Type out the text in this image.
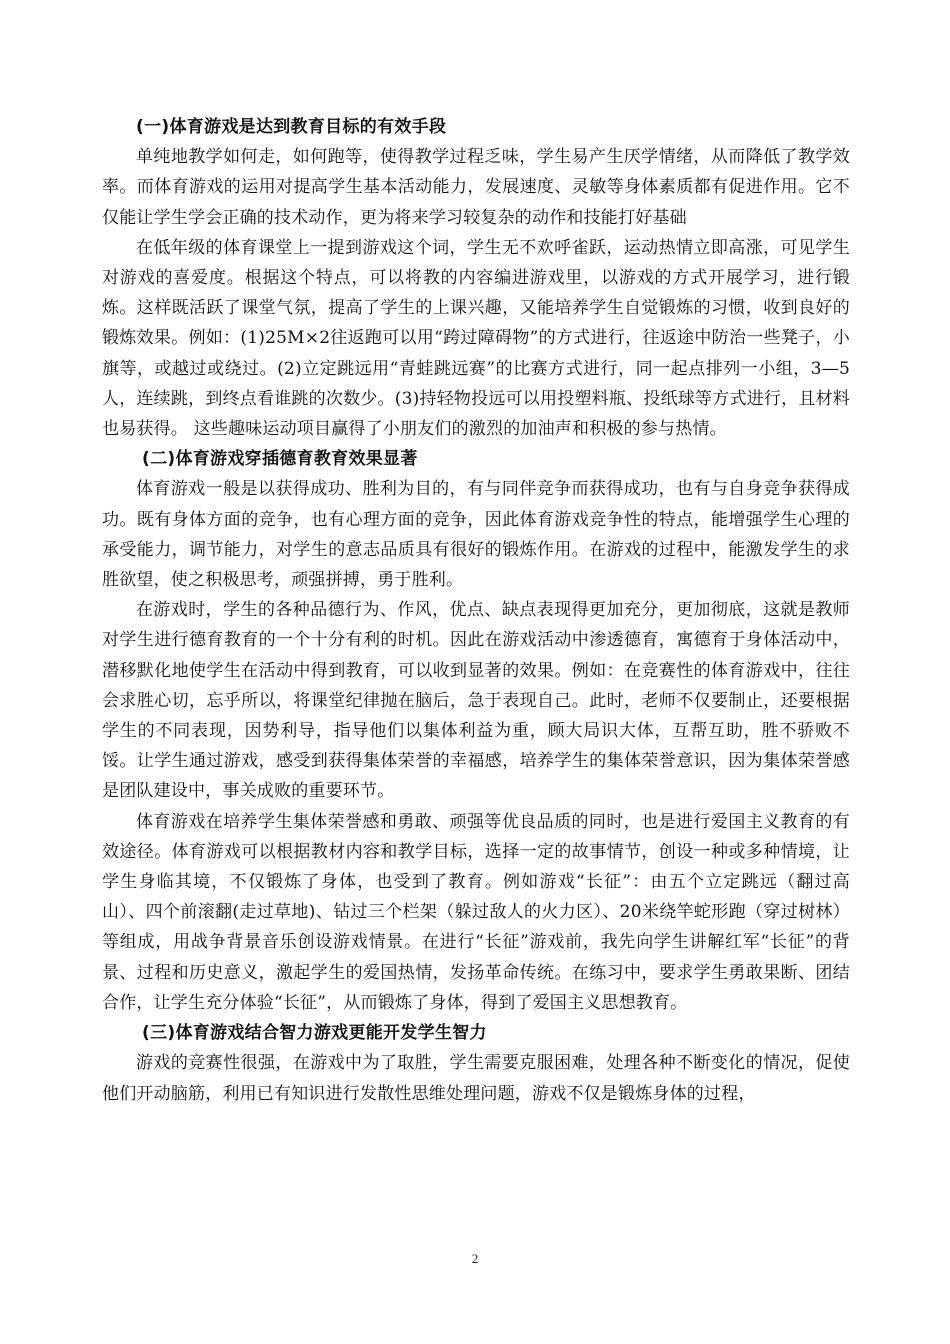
(一)体育游戏是达到教育目标的有效手段

单纯地教学如何走，如何跑等，使得教学过程乏味，学生易产生厌学情绪，从而降低了教学效率。而体育游戏的运用对提高学生基本活动能力，发展速度、灵敏等身体素质都有促进作用。它不仅能让学生学会正确的技术动作，更为将来学习较复杂的动作和技能打好基础

在低年级的体育课堂上一提到游戏这个词，学生无不欢呼雀跃，运动热情立即高涨，可见学生对游戏的喜爱度。根据这个特点，可以将教的内容编进游戏里，以游戏的方式开展学习，进行锻炼。这样既活跃了课堂气氛，提高了学生的上课兴趣，又能培养学生自觉锻炼的习惯，收到良好的锻炼效果。例如：(1)25M×2往返跑可以用“跨过障碍物”的方式进行，往返途中防治一些凳子，小旗等，或越过或绕过。(2)立定跳远用“青蛙跳远赛”的比赛方式进行，同一起点排列一小组，3—5人，连续跳，到终点看谁跳的次数少。(3)持轻物投远可以用投塑料瓶、投纸球等方式进行，且材料也易获得。 这些趣味运动项目赢得了小朋友们的激烈的加油声和积极的参与热情。

(二)体育游戏穿插德育教育效果显著

体育游戏一般是以获得成功、胜利为目的，有与同伴竞争而获得成功，也有与自身竞争获得成功。既有身体方面的竞争，也有心理方面的竞争，因此体育游戏竞争性的特点，能增强学生心理的承受能力，调节能力，对学生的意志品质具有很好的锻炼作用。在游戏的过程中，能激发学生的求胜欲望，使之积极思考，顽强拼搏，勇于胜利。

在游戏时，学生的各种品德行为、作风，优点、缺点表现得更加充分，更加彻底，这就是教师对学生进行德育教育的一个十分有利的时机。因此在游戏活动中渗透德育，寓德育于身体活动中，潜移默化地使学生在活动中得到教育，可以收到显著的效果。例如：在竞赛性的体育游戏中，往往会求胜心切，忘乎所以，将课堂纪律抛在脑后，急于表现自己。此时，老师不仅要制止，还要根据学生的不同表现，因势利导，指导他们以集体利益为重，顾大局识大体，互帮互助，胜不骄败不馁。让学生通过游戏，感受到获得集体荣誉的幸福感，培养学生的集体荣誉意识，因为集体荣誉感是团队建设中，事关成败的重要环节。

体育游戏在培养学生集体荣誉感和勇敢、顽强等优良品质的同时，也是进行爱国主义教育的有效途径。体育游戏可以根据教材内容和教学目标，选择一定的故事情节，创设一种或多种情境，让学生身临其境，不仅锻炼了身体，也受到了教育。例如游戏“长征”：由五个立定跳远（翻过高山）、四个前滚翻(走过草地)、钻过三个栏架（躲过敌人的火力区）、20米绕竿蛇形跑（穿过树林）等组成，用战争背景音乐创设游戏情景。在进行“长征”游戏前，我先向学生讲解红军“长征”的背景、过程和历史意义，激起学生的爱国热情，发扬革命传统。在练习中，要求学生勇敢果断、团结合作，让学生充分体验“长征”，从而锻炼了身体，得到了爱国主义思想教育。

(三)体育游戏结合智力游戏更能开发学生智力

游戏的竞赛性很强，在游戏中为了取胜，学生需要克服困难，处理各种不断变化的情况，促使他们开动脑筋，利用已有知识进行发散性思维处理问题，游戏不仅是锻炼身体的过程，

2
